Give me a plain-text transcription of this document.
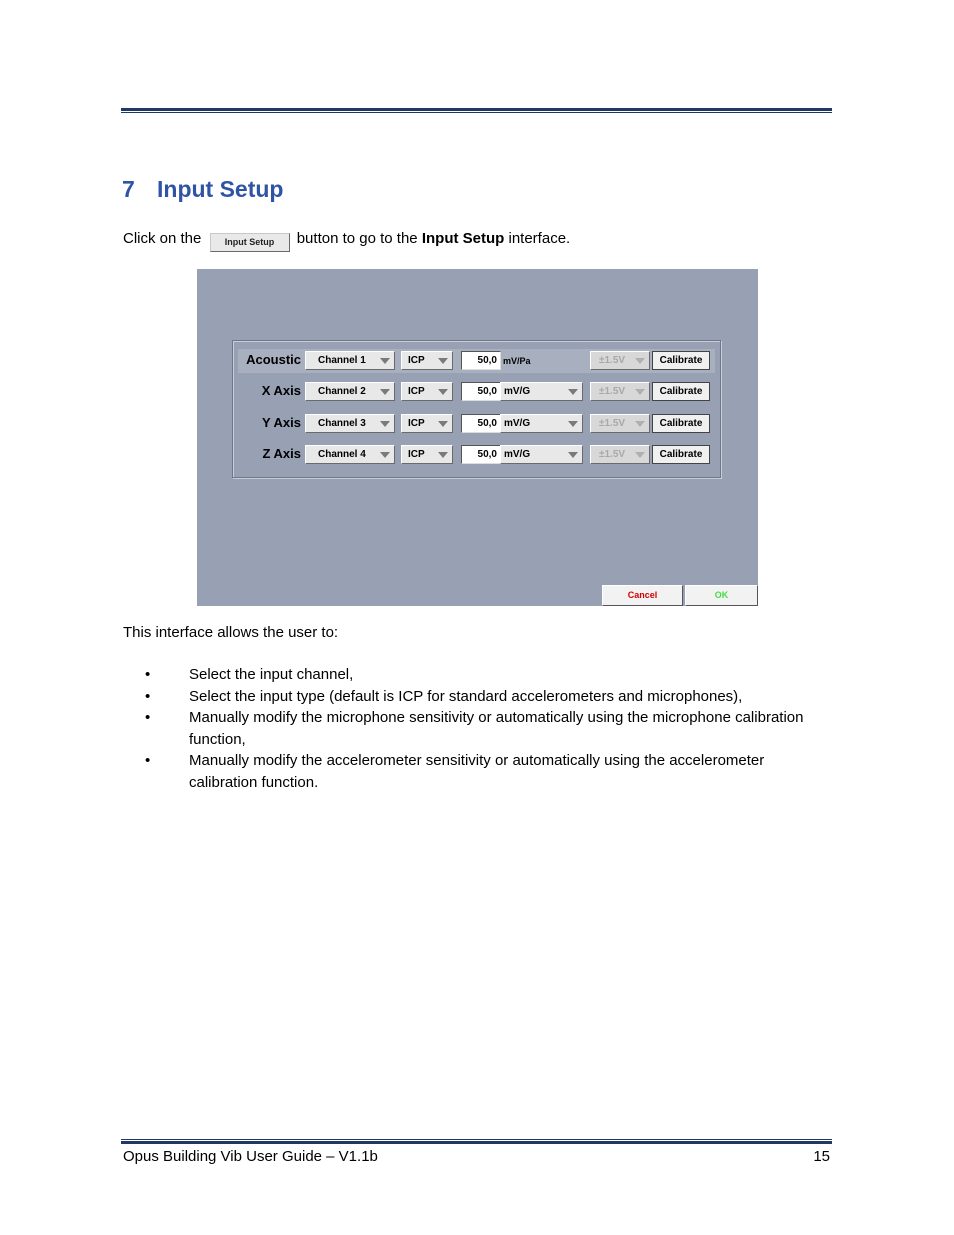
7 Input Setup
Click on the	Input Setup button to go to the Input Setup interface.
Acoustic	Channel 1	ICP	50,0 mV/Pa	±1.5V	Calibrate
X Axis	Channel 2	ICP	50,0 mV/G	±1.5V	Calibrate
Y Axis	Channel 3	ICP	50,0 mV/G	±1.5V	Calibrate
Z Axis	Channel 4	ICP	50,0 mV/G	±1.5V	Calibrate
Cancel	OK
This interface allows the user to:
•	Select the input channel,
•	Select the input type (default is ICP for standard accelerometers and microphones),
•	Manually modify the microphone sensitivity or automatically using the microphone calibration function,
•	Manually modify the accelerometer sensitivity or automatically using the accelerometer calibration function.
Opus Building Vib User Guide – V1.1b	15
